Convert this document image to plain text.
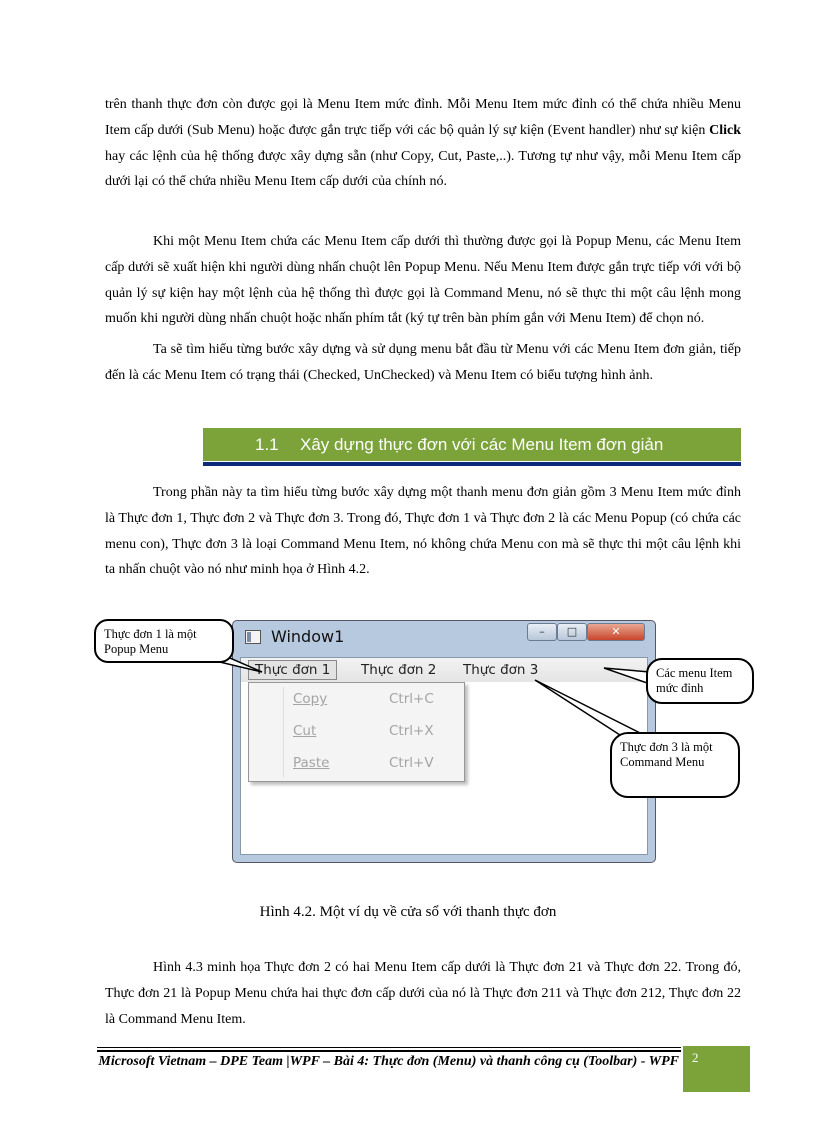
trên thanh thực đơn còn được gọi là Menu Item mức đỉnh. Mỗi Menu Item mức đỉnh có thể chứa nhiều Menu Item cấp dưới (Sub Menu) hoặc được gắn trực tiếp với các bộ quản lý sự kiện (Event handler) như sự kiện Click hay các lệnh của hệ thống được xây dựng sẵn (như Copy, Cut, Paste,..). Tương tự như vậy, mỗi Menu Item cấp dưới lại có thể chứa nhiều Menu Item cấp dưới của chính nó.

Khi một Menu Item chứa các Menu Item cấp dưới thì thường được gọi là Popup Menu, các Menu Item cấp dưới sẽ xuất hiện khi người dùng nhấn chuột lên Popup Menu. Nếu Menu Item được gắn trực tiếp với với bộ quản lý sự kiện hay một lệnh của hệ thống thì được gọi là Command Menu, nó sẽ thực thi một câu lệnh mong muốn khi người dùng nhấn chuột hoặc nhấn phím tắt (ký tự trên bàn phím gắn với Menu Item) để chọn nó.

Ta sẽ tìm hiểu từng bước xây dựng và sử dụng menu bắt đầu từ Menu với các Menu Item đơn giản, tiếp đến là các Menu Item có trạng thái (Checked, UnChecked) và Menu Item có biểu tượng hình ảnh.

1.1 Xây dựng thực đơn với các Menu Item đơn giản

Trong phần này ta tìm hiểu từng bước xây dựng một thanh menu đơn giản gồm 3 Menu Item mức đỉnh là Thực đơn 1, Thực đơn 2 và Thực đơn 3. Trong đó, Thực đơn 1 và Thực đơn 2 là các Menu Popup (có chứa các menu con), Thực đơn 3 là loại Command Menu Item, nó không chứa Menu con mà sẽ thực thi một câu lệnh khi ta nhấn chuột vào nó như minh họa ở Hình 4.2.

Window1	–	□	✕
Thực đơn 1	Thực đơn 2	Thực đơn 3
Copy	Ctrl+C
Cut	Ctrl+X
Paste	Ctrl+V
Thực đơn 1 là một Popup Menu
Các menu Item mức đỉnh
Thực đơn 3 là một Command Menu
Hình 4.2. Một ví dụ về cửa sổ với thanh thực đơn

Hình 4.3 minh họa Thực đơn 2 có hai Menu Item cấp dưới là Thực đơn 21 và Thực đơn 22. Trong đó, Thực đơn 21 là Popup Menu chứa hai thực đơn cấp dưới của nó là Thực đơn 211 và Thực đơn 212, Thực đơn 22 là Command Menu Item.

Microsoft Vietnam – DPE Team |WPF – Bài 4: Thực đơn (Menu) và thanh công cụ (Toolbar) - WPF 2
